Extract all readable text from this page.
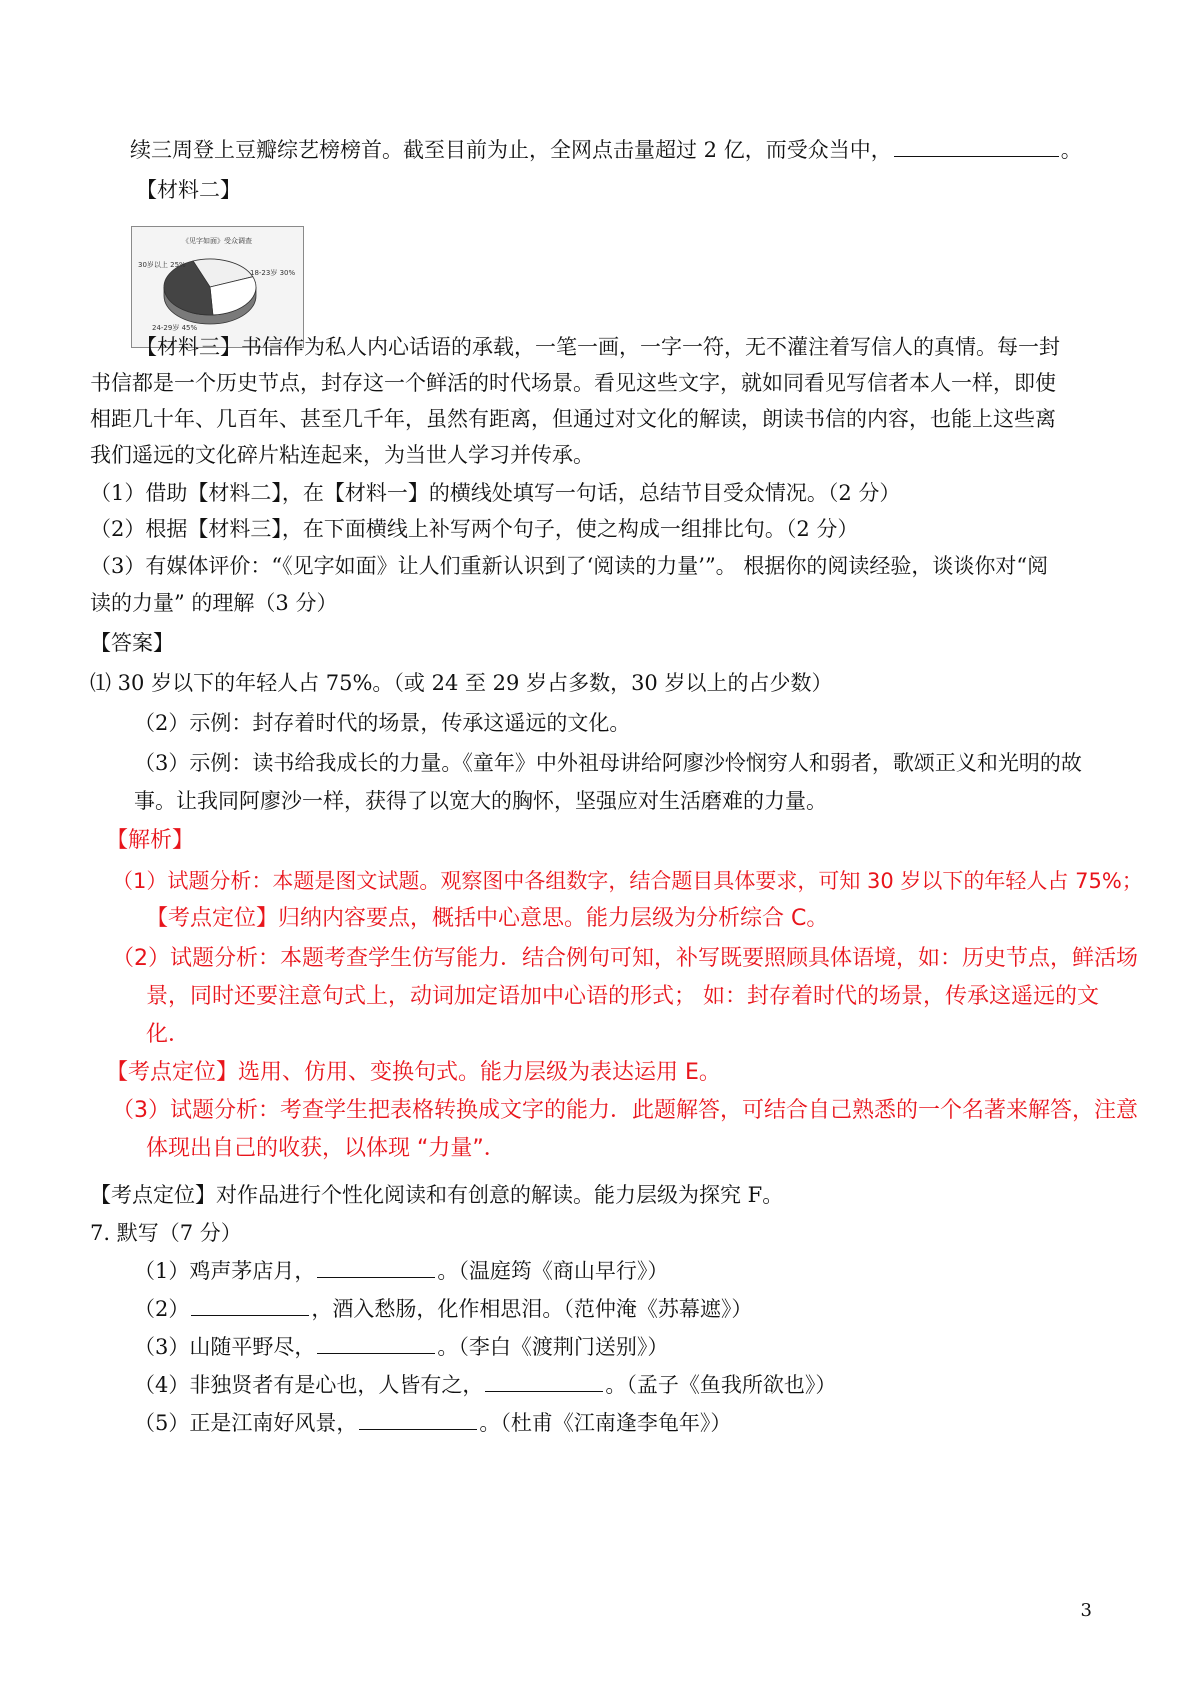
续三周登上豆瓣综艺榜榜首。截至目前为止，全网点击量超过 2 亿，而受众当中，	。
【材料二】
《见字如面》受众调查
30岁以上 25%
18-23岁 30%
24-29岁 45%
【材料三】书信作为私人内心话语的承载，一笔一画，一字一符，无不灌注着写信人的真情。每一封
书信都是一个历史节点，封存这一个鲜活的时代场景。看见这些文字，就如同看见写信者本人一样，即使
相距几十年、几百年、甚至几千年，虽然有距离，但通过对文化的解读，朗读书信的内容，也能上这些离
我们遥远的文化碎片粘连起来，为当世人学习并传承。
（1）借助【材料二】，在【材料一】的横线处填写一句话，总结节目受众情况。（2 分）
（2）根据【材料三】，在下面横线上补写两个句子，使之构成一组排比句。（2 分）
（3）有媒体评价：“《见字如面》让人们重新认识到了‘阅读的力量’”。 根据你的阅读经验，谈谈你对“阅
读的力量” 的理解（3 分）
【答案】
⑴ 30 岁以下的年轻人占 75%。（或 24 至 29 岁占多数，30 岁以上的占少数）
（2）示例：封存着时代的场景，传承这遥远的文化。
（3）示例：读书给我成长的力量。《童年》中外祖母讲给阿廖沙怜悯穷人和弱者，歌颂正义和光明的故
事。让我同阿廖沙一样，获得了以宽大的胸怀，坚强应对生活磨难的力量。
【解析】
（1）试题分析：本题是图文试题。观察图中各组数字，结合题目具体要求，可知 30 岁以下的年轻人占 75%；
【考点定位】归纳内容要点，概括中心意思。能力层级为分析综合 C。
（2）试题分析：本题考查学生仿写能力．结合例句可知，补写既要照顾具体语境，如：历史节点，鲜活场
景，同时还要注意句式上，动词加定语加中心语的形式； 如：封存着时代的场景，传承这遥远的文
化．
【考点定位】选用、仿用、变换句式。能力层级为表达运用 E。
（3）试题分析：考查学生把表格转换成文字的能力．此题解答，可结合自己熟悉的一个名著来解答，注意
体现出自己的收获，以体现 “力量”．
【考点定位】对作品进行个性化阅读和有创意的解读。能力层级为探究 F。
7. 默写（7 分）
（1）鸡声茅店月，	。（温庭筠《商山早行》）
（2）	，酒入愁肠，化作相思泪。（范仲淹《苏幕遮》）
（3）山随平野尽，	。（李白《渡荆门送别》）
（4）非独贤者有是心也，人皆有之，	。（孟子《鱼我所欲也》）
（5）正是江南好风景，	。（杜甫《江南逢李龟年》）
3
